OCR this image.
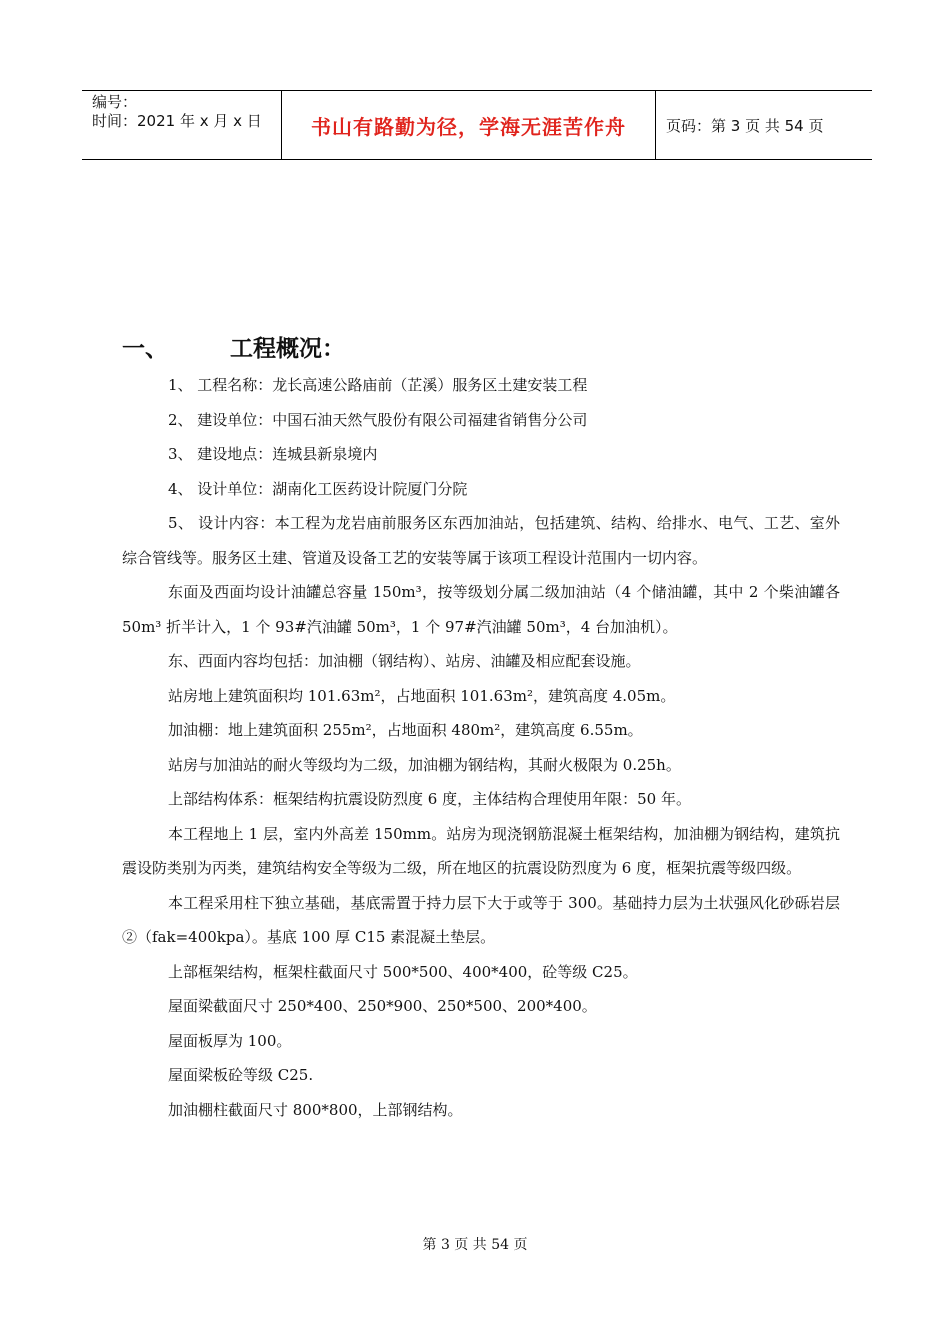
编号：
时间：2021 年 x 月 x 日	书山有路勤为径，学海无涯苦作舟	页码：第 3 页 共 54 页
一、	工程概况：

1、 工程名称：龙长高速公路庙前（芷溪）服务区土建安装工程

2、 建设单位：中国石油天然气股份有限公司福建省销售分公司

3、 建设地点：连城县新泉境内

4、 设计单位：湖南化工医药设计院厦门分院

5、 设计内容：本工程为龙岩庙前服务区东西加油站，包括建筑、结构、给排水、电气、工艺、室外综合管线等。服务区土建、管道及设备工艺的安装等属于该项工程设计范围内一切内容。

东面及西面均设计油罐总容量 150m³，按等级划分属二级加油站（4 个储油罐，其中 2 个柴油罐各 50m³ 折半计入，1 个 93#汽油罐 50m³，1 个 97#汽油罐 50m³，4 台加油机）。

东、西面内容均包括：加油棚（钢结构）、站房、油罐及相应配套设施。

站房地上建筑面积均 101.63m²，占地面积 101.63m²，建筑高度 4.05m。

加油棚：地上建筑面积 255m²，占地面积 480m²，建筑高度 6.55m。

站房与加油站的耐火等级均为二级，加油棚为钢结构，其耐火极限为 0.25h。

上部结构体系：框架结构抗震设防烈度 6 度，主体结构合理使用年限：50 年。

本工程地上 1 层，室内外高差 150mm。站房为现浇钢筋混凝土框架结构，加油棚为钢结构，建筑抗震设防类别为丙类，建筑结构安全等级为二级，所在地区的抗震设防烈度为 6 度，框架抗震等级四级。

本工程采用柱下独立基础，基底需置于持力层下大于或等于 300。基础持力层为土状强风化砂砾岩层②（fak=400kpa）。基底 100 厚 C15 素混凝土垫层。

上部框架结构，框架柱截面尺寸 500*500、400*400，砼等级 C25。

屋面梁截面尺寸 250*400、250*900、250*500、200*400。

屋面板厚为 100。

屋面梁板砼等级 C25.

加油棚柱截面尺寸 800*800，上部钢结构。

第 3 页 共 54 页
